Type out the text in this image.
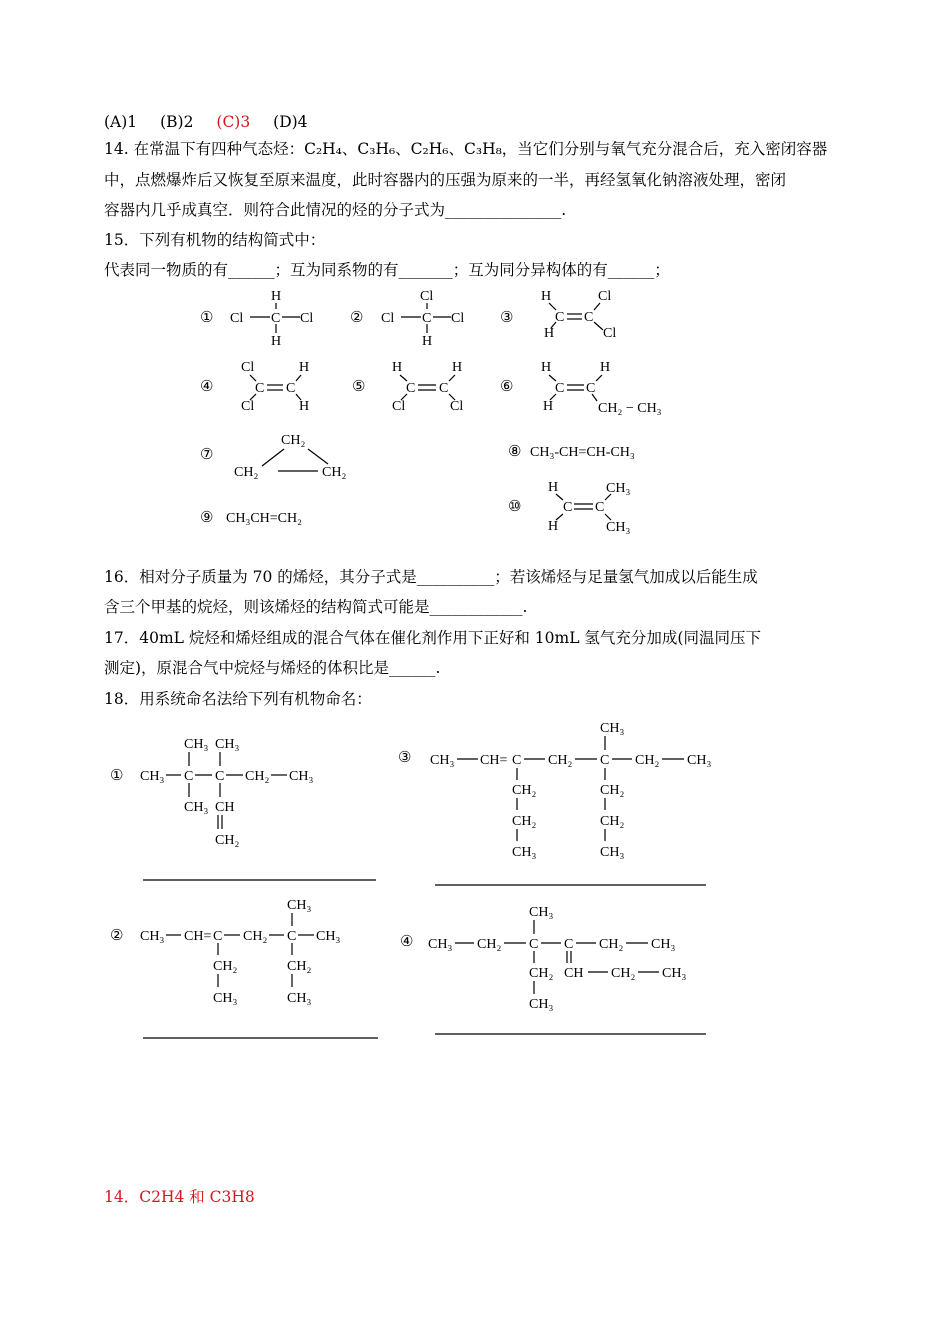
(A)1 (B)2 (C)3 (D)4
14. 在常温下有四种气态烃：C₂H₄、C₃H₆、C₂H₆、C₃H₈，当它们分别与氧气充分混合后，充入密闭容器
中，点燃爆炸后又恢复至原来温度，此时容器内的压强为原来的一半，再经氢氧化钠溶液处理，密闭
容器内几乎成真空．则符合此情况的烃的分子式为_______________.
15．下列有机物的结构简式中：
代表同一物质的有______；互为同系物的有_______；互为同分异构体的有______；
16．相对分子质量为 70 的烯烃，其分子式是__________；若该烯烃与足量氢气加成以后能生成
含三个甲基的烷烃，则该烯烃的结构简式可能是____________.
17．40mL 烷烃和烯烃组成的混合气体在催化剂作用下正好和 10mL 氢气充分加成(同温同压下
测定)，原混合气中烷烃与烯烃的体积比是______.
18．用系统命名法给下列有机物命名：
14．C2H4 和 C3H8
① Cl C Cl
H
H
② Cl C Cl
Cl
H
③
H
H
C C
Cl
Cl
④
Cl
Cl
C C
H
H
⑤
H
Cl
C C
H
Cl
⑥
H
H
C C
H
CH₂ − CH₃
⑦
CH₂
CH₂	CH₂
⑧ CH₃-CH=CH-CH₃
⑨ CH₃CH=CH₂
⑩
H
H
C C
CH₃
CH₃
① CH₃ C C CH₂ CH₃
CH₃ CH₃
CH₃ CH
CH₂
② CH₃ CH= C CH₂ C CH₃
CH₃
CH₂
CH₃
CH₂
CH₃
③ CH₃ CH= C CH₂ C CH₂ CH₃
CH₃
CH₂
CH₂
CH₃
CH₂
CH₂
CH₃
④ CH₃ CH₂ C C CH₂ CH₃
CH₃
CH₂
CH₃
CH CH₂ CH₃
